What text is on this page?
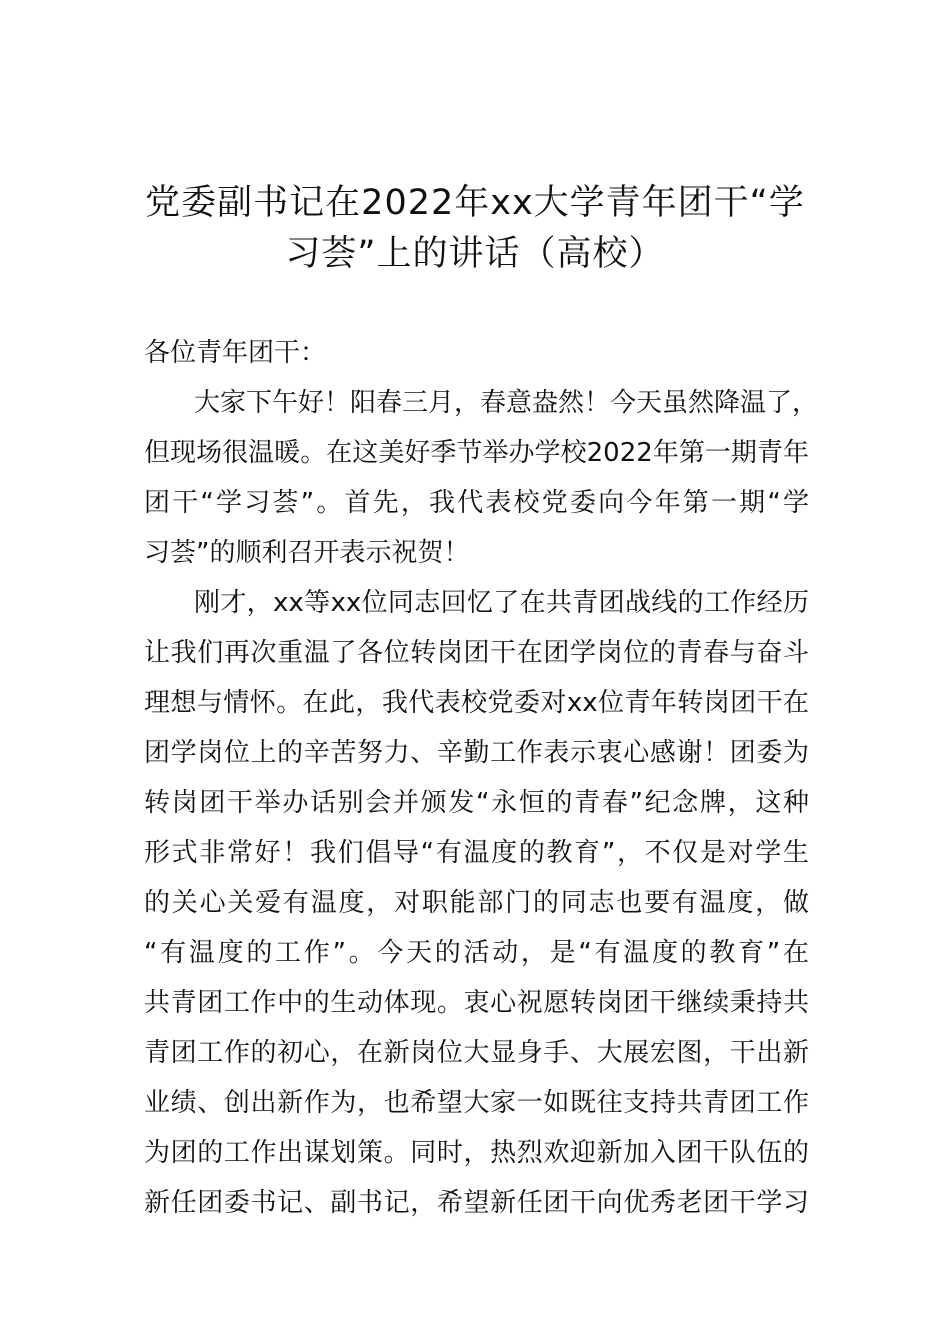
党委副书记在2022年xx大学青年团干“学
习荟”上的讲话（高校）
各位青年团干：
大家下午好！阳春三月，春意盎然！今天虽然降温了，
但现场很温暖。在这美好季节举办学校2022年第一期青年
团干“学习荟”。首先，我代表校党委向今年第一期“学
习荟”的顺利召开表示祝贺！
刚才，xx等xx位同志回忆了在共青团战线的工作经历
让我们再次重温了各位转岗团干在团学岗位的青春与奋斗
理想与情怀。在此，我代表校党委对xx位青年转岗团干在
团学岗位上的辛苦努力、辛勤工作表示衷心感谢！团委为
转岗团干举办话别会并颁发“永恒的青春”纪念牌，这种
形式非常好！我们倡导“有温度的教育”，不仅是对学生
的关心关爱有温度，对职能部门的同志也要有温度，做
“有温度的工作”。今天的活动，是“有温度的教育”在
共青团工作中的生动体现。衷心祝愿转岗团干继续秉持共
青团工作的初心，在新岗位大显身手、大展宏图，干出新
业绩、创出新作为，也希望大家一如既往支持共青团工作
为团的工作出谋划策。同时，热烈欢迎新加入团干队伍的
新任团委书记、副书记，希望新任团干向优秀老团干学习
